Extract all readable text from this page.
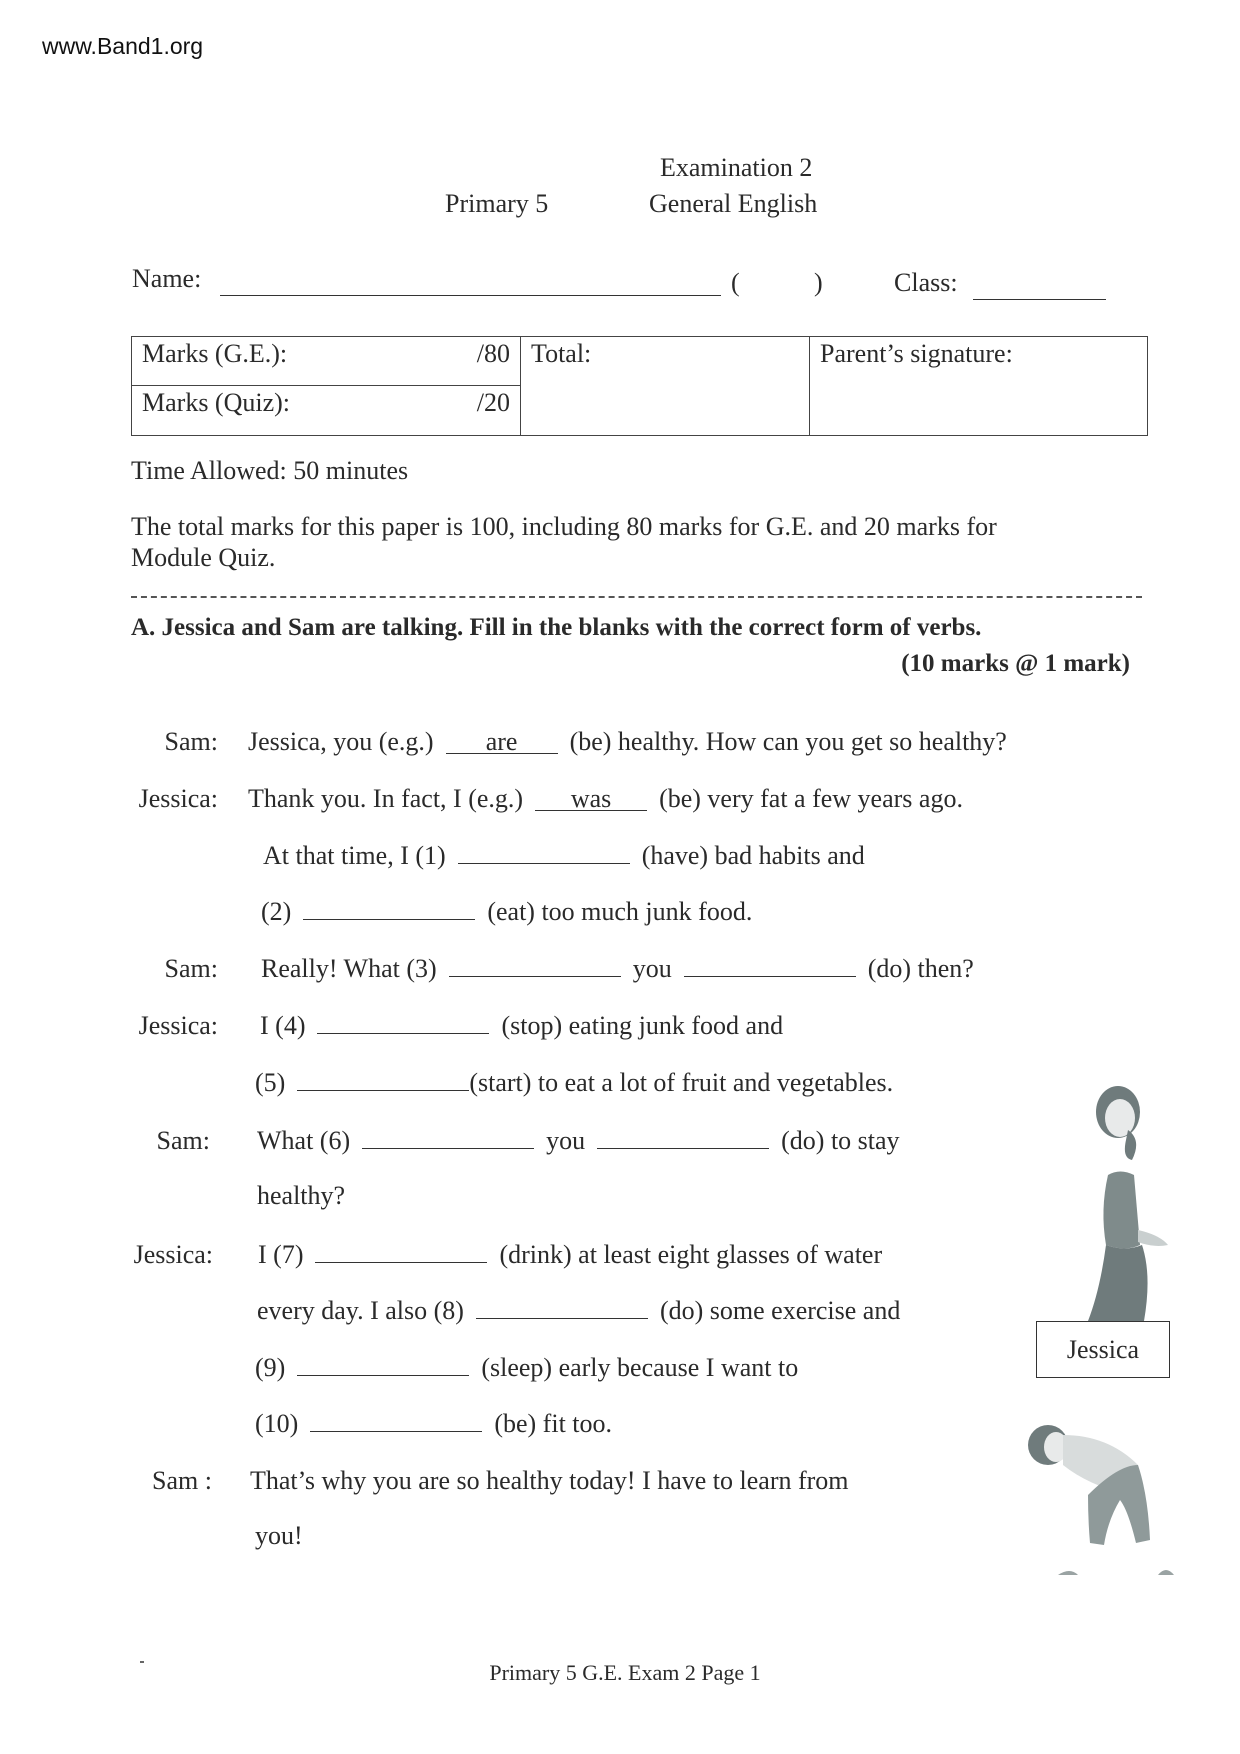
www.Band1.org
Examination 2
Primary 5	General English
Name:	(	)	Class:
Marks (G.E.):	/80	Total:	Parent’s signature:
Marks (Quiz):	/20
Time Allowed: 50 minutes
The total marks for this paper is 100, including 80 marks for G.E. and 20 marks for
Module Quiz.
A. Jessica and Sam are talking. Fill in the blanks with the correct form of verbs.
(10 marks @ 1 mark)
Sam: Jessica, you (e.g.) are (be) healthy. How can you get so healthy?
Jessica: Thank you. In fact, I (e.g.) was (be) very fat a few years ago.
At that time, I (1)	(have) bad habits and
(2)	(eat) too much junk food.
Sam: Really! What (3)	you	(do) then?
Jessica: I (4)	(stop) eating junk food and
(5)	(start) to eat a lot of fruit and vegetables.
Sam: What (6)	you	(do) to stay
healthy?
Jessica: I (7)	(drink) at least eight glasses of water
every day. I also (8)	(do) some exercise and
(9)	(sleep) early because I want to
(10)	(be) fit too.
Sam : That’s why you are so healthy today! I have to learn from
you!
Jessica
Primary 5 G.E. Exam 2 Page 1
